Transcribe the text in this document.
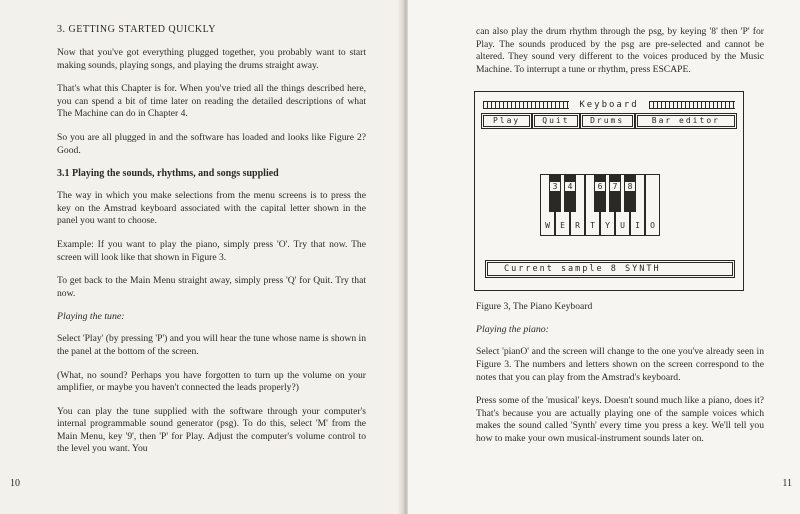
3. GETTING STARTED QUICKLY

Now that you've got everything plugged together, you probably want to start making sounds, playing songs, and playing the drums straight away.

That's what this Chapter is for. When you've tried all the things described here, you can spend a bit of time later on reading the detailed descriptions of what The Machine can do in Chapter 4.

So you are all plugged in and the software has loaded and looks like Figure 2? Good.

3.1 Playing the sounds, rhythms, and songs supplied

The way in which you make selections from the menu screens is to press the key on the Amstrad keyboard associated with the capital letter shown in the panel you want to choose.

Example: If you want to play the piano, simply press 'O'. Try that now. The screen will look like that shown in Figure 3.

To get back to the Main Menu straight away, simply press 'Q' for Quit. Try that now.

Playing the tune:

Select 'Play' (by pressing 'P') and you will hear the tune whose name is shown in the panel at the bottom of the screen.

(What, no sound? Perhaps you have forgotten to turn up the volume on your amplifier, or maybe you haven't connected the leads properly?)

You can play the tune supplied with the software through your computer's internal programmable sound generator (psg). To do this, select 'M' from the Main Menu, key '9', then 'P' for Play. Adjust the computer's volume control to the level you want. You

10

can also play the drum rhythm through the psg, by keying '8' then 'P' for Play. The sounds produced by the psg are pre-selected and cannot be altered. They sound very different to the voices produced by the Music Machine. To interrupt a tune or rhythm, press ESCAPE.

Keyboard
Play	Quit	Drums	Bar editor
W	E	R	T	Y	U	I	O
3	4	6	7	8
Current sample 8 SYNTH
Figure 3, The Piano Keyboard
Playing the piano:

Select 'pianO' and the screen will change to the one you've already seen in Figure 3. The numbers and letters shown on the screen correspond to the notes that you can play from the Amstrad's keyboard.

Press some of the 'musical' keys. Doesn't sound much like a piano, does it? That's because you are actually playing one of the sample voices which makes the sound called 'Synth' every time you press a key. We'll tell you how to make your own musical-instrument sounds later on.

11
